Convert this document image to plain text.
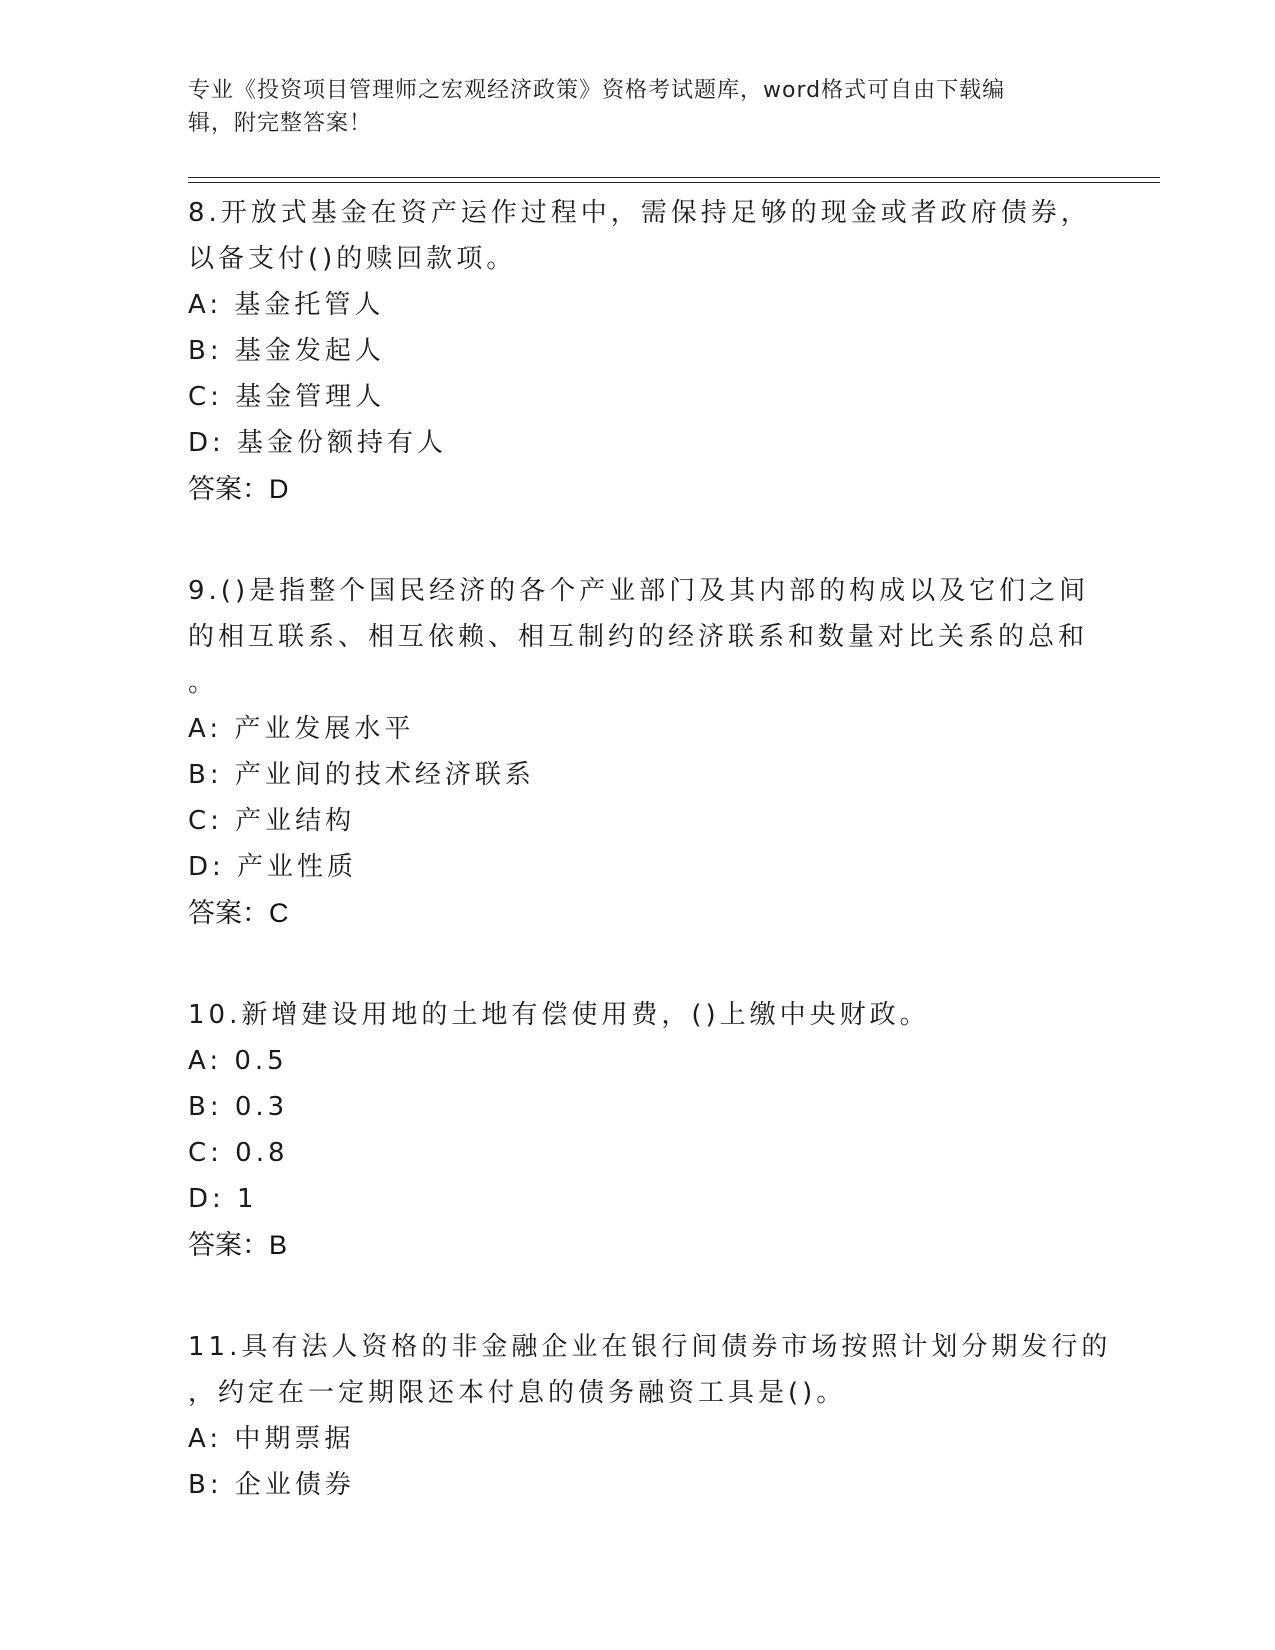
专业《投资项目管理师之宏观经济政策》资格考试题库，word格式可自由下载编

辑，附完整答案！

8.开放式基金在资产运作过程中，需保持足够的现金或者政府债券，
以备支付()的赎回款项。
A: 基金托管人
B: 基金发起人
C: 基金管理人
D: 基金份额持有人
答案：D
9.()是指整个国民经济的各个产业部门及其内部的构成以及它们之间
的相互联系、相互依赖、相互制约的经济联系和数量对比关系的总和
。
A: 产业发展水平
B: 产业间的技术经济联系
C: 产业结构
D: 产业性质
答案：C
10.新增建设用地的土地有偿使用费，()上缴中央财政。
A: 0.5
B: 0.3
C: 0.8
D: 1
答案：B
11.具有法人资格的非金融企业在银行间债券市场按照计划分期发行的
，约定在一定期限还本付息的债务融资工具是()。
A: 中期票据
B: 企业债券
